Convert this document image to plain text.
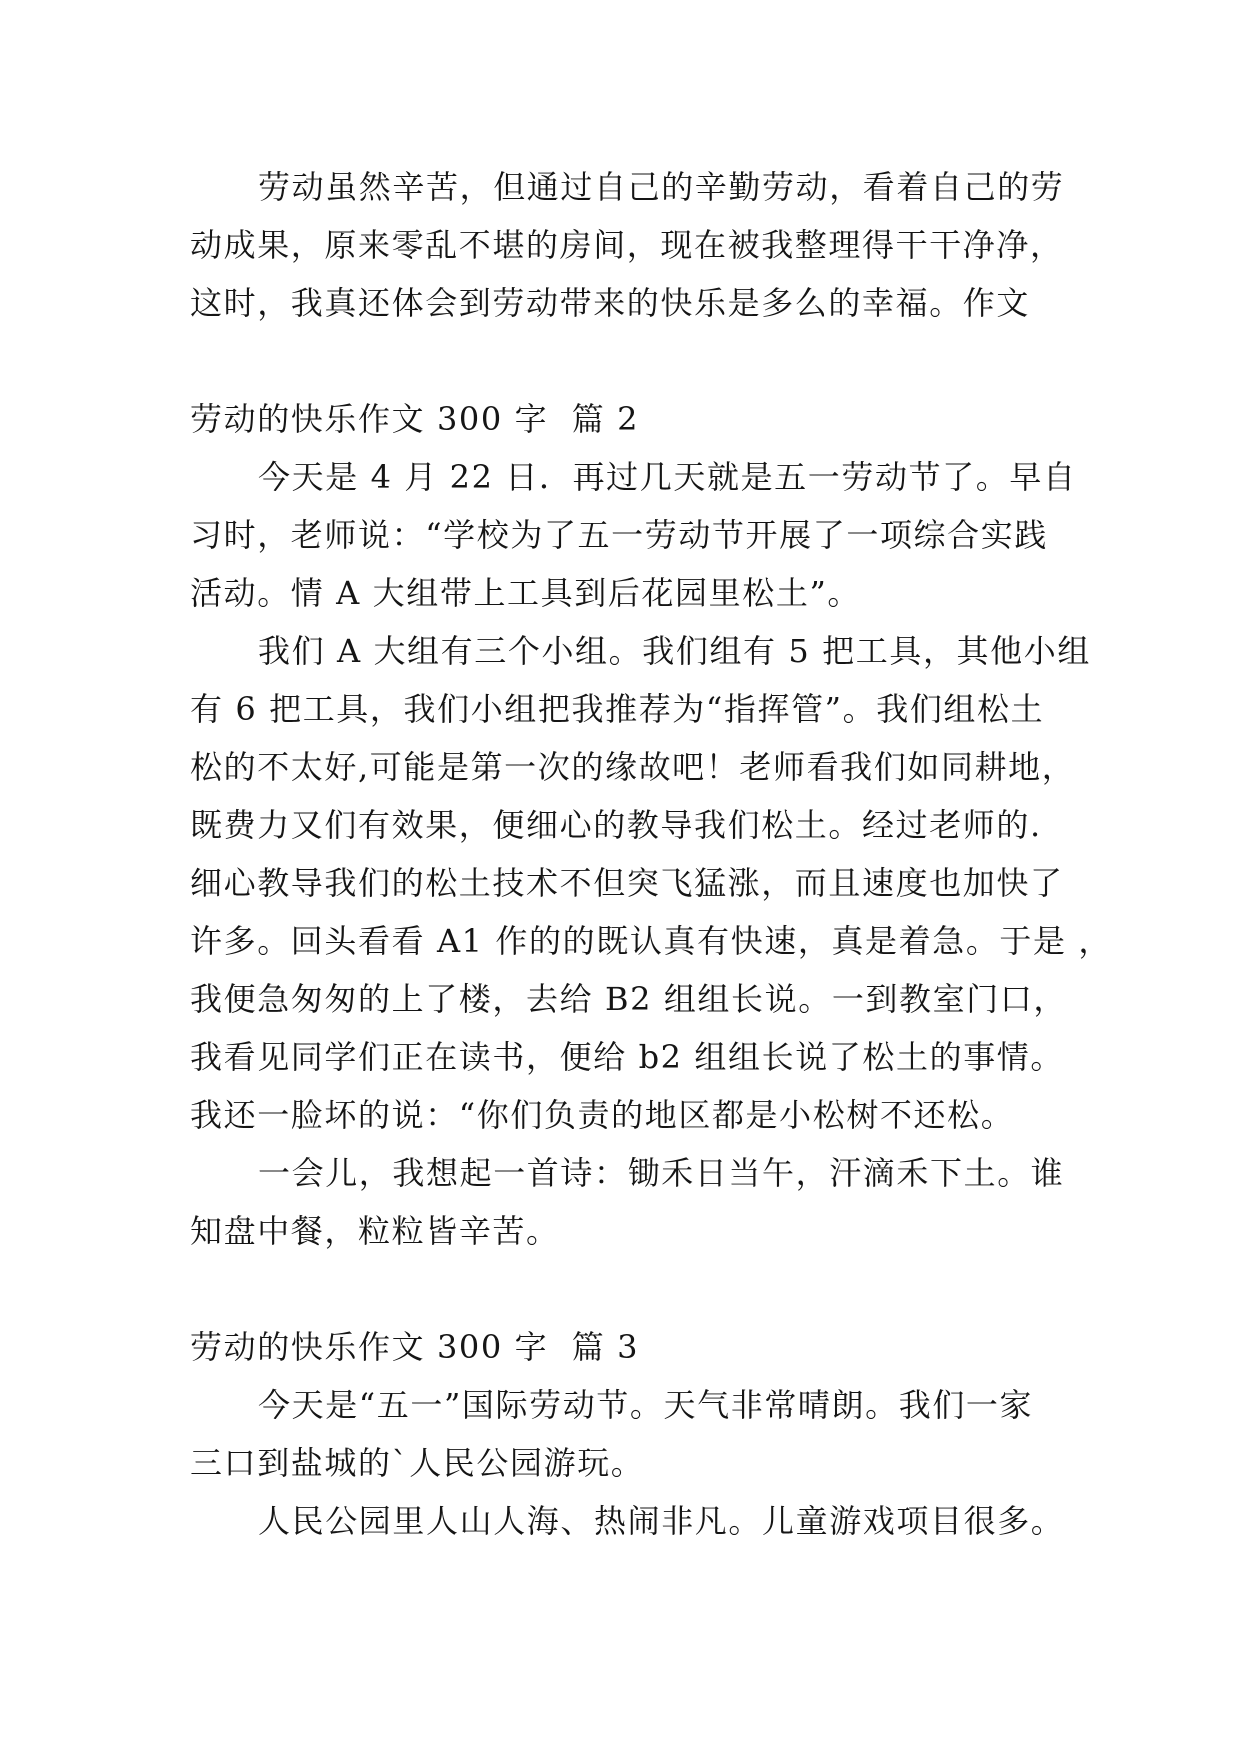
劳动虽然辛苦，但通过自己的辛勤劳动，看着自己的劳
动成果，原来零乱不堪的房间，现在被我整理得干干净净，
这时，我真还体会到劳动带来的快乐是多么的幸福。作文
劳动的快乐作文 300 字  篇 2
今天是 4 月 22 日．再过几天就是五一劳动节了。早自
习时，老师说：“学校为了五一劳动节开展了一项综合实践
活动。情 A 大组带上工具到后花园里松土”。
我们 A 大组有三个小组。我们组有 5 把工具，其他小组
有 6 把工具，我们小组把我推荐为“指挥管”。我们组松土
松的不太好,可能是第一次的缘故吧！老师看我们如同耕地，
既费力又们有效果，便细心的教导我们松土。经过老师的.
细心教导我们的松土技术不但突飞猛涨，而且速度也加快了
许多。回头看看 A1 作的的既认真有快速，真是着急。于是 ，
我便急匆匆的上了楼，去给 B2 组组长说。一到教室门口，
我看见同学们正在读书，便给 b2 组组长说了松土的事情。
我还一脸坏的说：“你们负责的地区都是小松树不还松。
一会儿，我想起一首诗：锄禾日当午，汗滴禾下土。谁
知盘中餐，粒粒皆辛苦。
劳动的快乐作文 300 字  篇 3
今天是“五一”国际劳动节。天气非常晴朗。我们一家
三口到盐城的`人民公园游玩。
人民公园里人山人海、热闹非凡。儿童游戏项目很多。
